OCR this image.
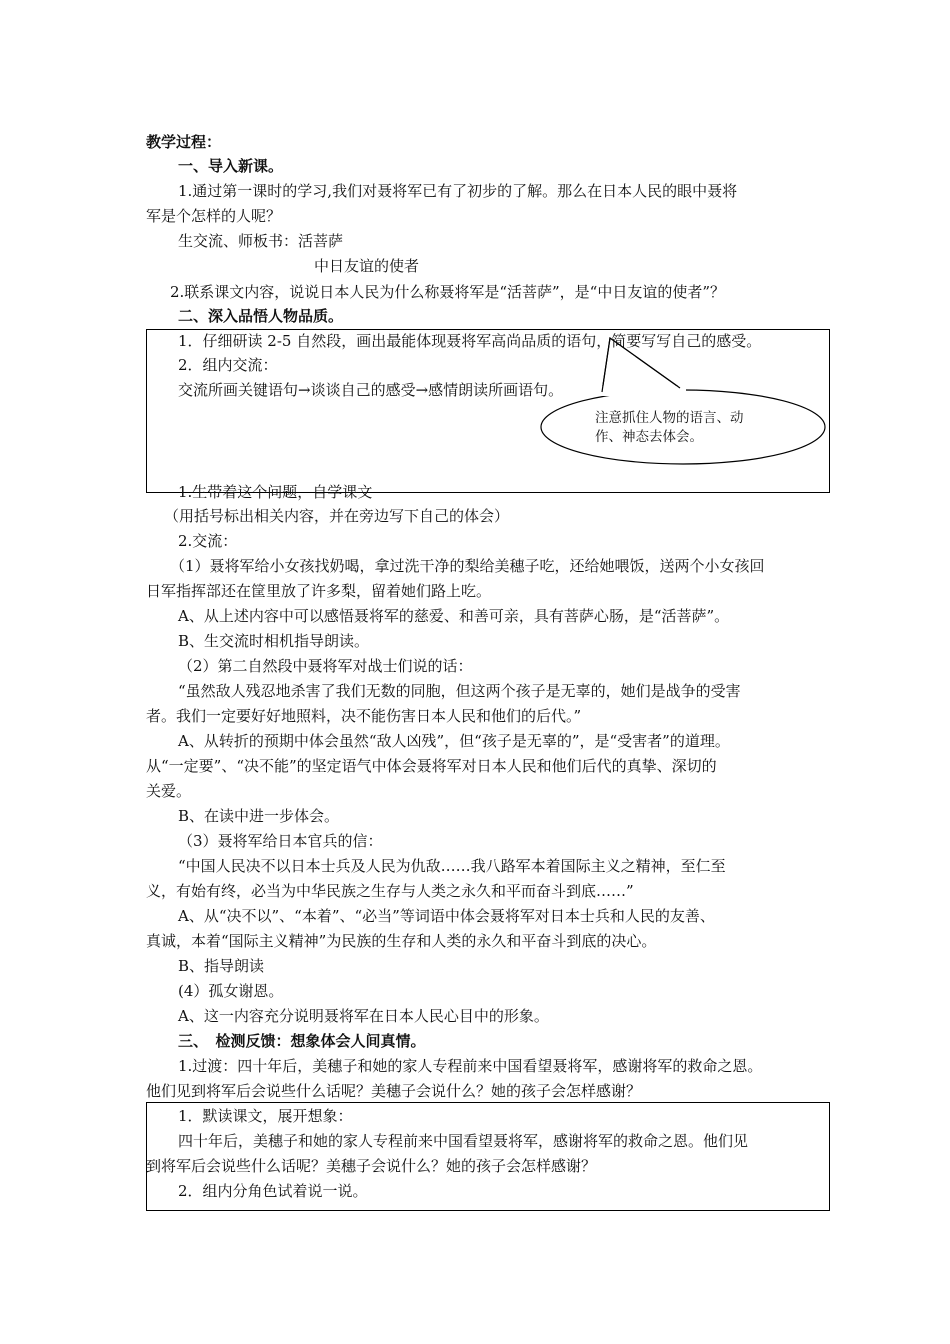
教学过程：
一、导入新课。
1.通过第一课时的学习,我们对聂将军已有了初步的了解。那么在日本人民的眼中聂将
军是个怎样的人呢？
生交流、师板书：活菩萨
中日友谊的使者
2.联系课文内容，说说日本人民为什么称聂将军是“活菩萨”，是“中日友谊的使者”？
二、深入品悟人物品质。
1．仔细研读 2-5 自然段，画出最能体现聂将军高尚品质的语句，简要写写自己的感受。
2．组内交流：
交流所画关键语句→谈谈自己的感受→感情朗读所画语句。
注意抓住人物的语言、动
作、神态去体会。
1.生带着这个问题，自学课文
（用括号标出相关内容，并在旁边写下自己的体会）
2.交流：
（1）聂将军给小女孩找奶喝，拿过洗干净的梨给美穗子吃，还给她喂饭，送两个小女孩回
日军指挥部还在筐里放了许多梨，留着她们路上吃。
A、从上述内容中可以感悟聂将军的慈爱、和善可亲，具有菩萨心肠，是“活菩萨”。
B、生交流时相机指导朗读。
（2）第二自然段中聂将军对战士们说的话：
“虽然敌人残忍地杀害了我们无数的同胞，但这两个孩子是无辜的，她们是战争的受害
者。我们一定要好好地照料，决不能伤害日本人民和他们的后代。”
A、从转折的预期中体会虽然“敌人凶残”，但“孩子是无辜的”，是“受害者”的道理。
从“一定要”、“决不能”的坚定语气中体会聂将军对日本人民和他们后代的真挚、深切的
关爱。
B、在读中进一步体会。
（3）聂将军给日本官兵的信：
“中国人民决不以日本士兵及人民为仇敌……我八路军本着国际主义之精神，至仁至
义，有始有终，必当为中华民族之生存与人类之永久和平而奋斗到底……”
A、从“决不以”、“本着”、“必当”等词语中体会聂将军对日本士兵和人民的友善、
真诚，本着“国际主义精神”为民族的生存和人类的永久和平奋斗到底的决心。
B、指导朗读
(4）孤女谢恩。
A、这一内容充分说明聂将军在日本人民心目中的形象。
三、　检测反馈：想象体会人间真情。
1.过渡：四十年后，美穗子和她的家人专程前来中国看望聂将军，感谢将军的救命之恩。
他们见到将军后会说些什么话呢？美穗子会说什么？她的孩子会怎样感谢？
1．默读课文，展开想象：
四十年后，美穗子和她的家人专程前来中国看望聂将军，感谢将军的救命之恩。他们见
到将军后会说些什么话呢？美穗子会说什么？她的孩子会怎样感谢？
2．组内分角色试着说一说。
